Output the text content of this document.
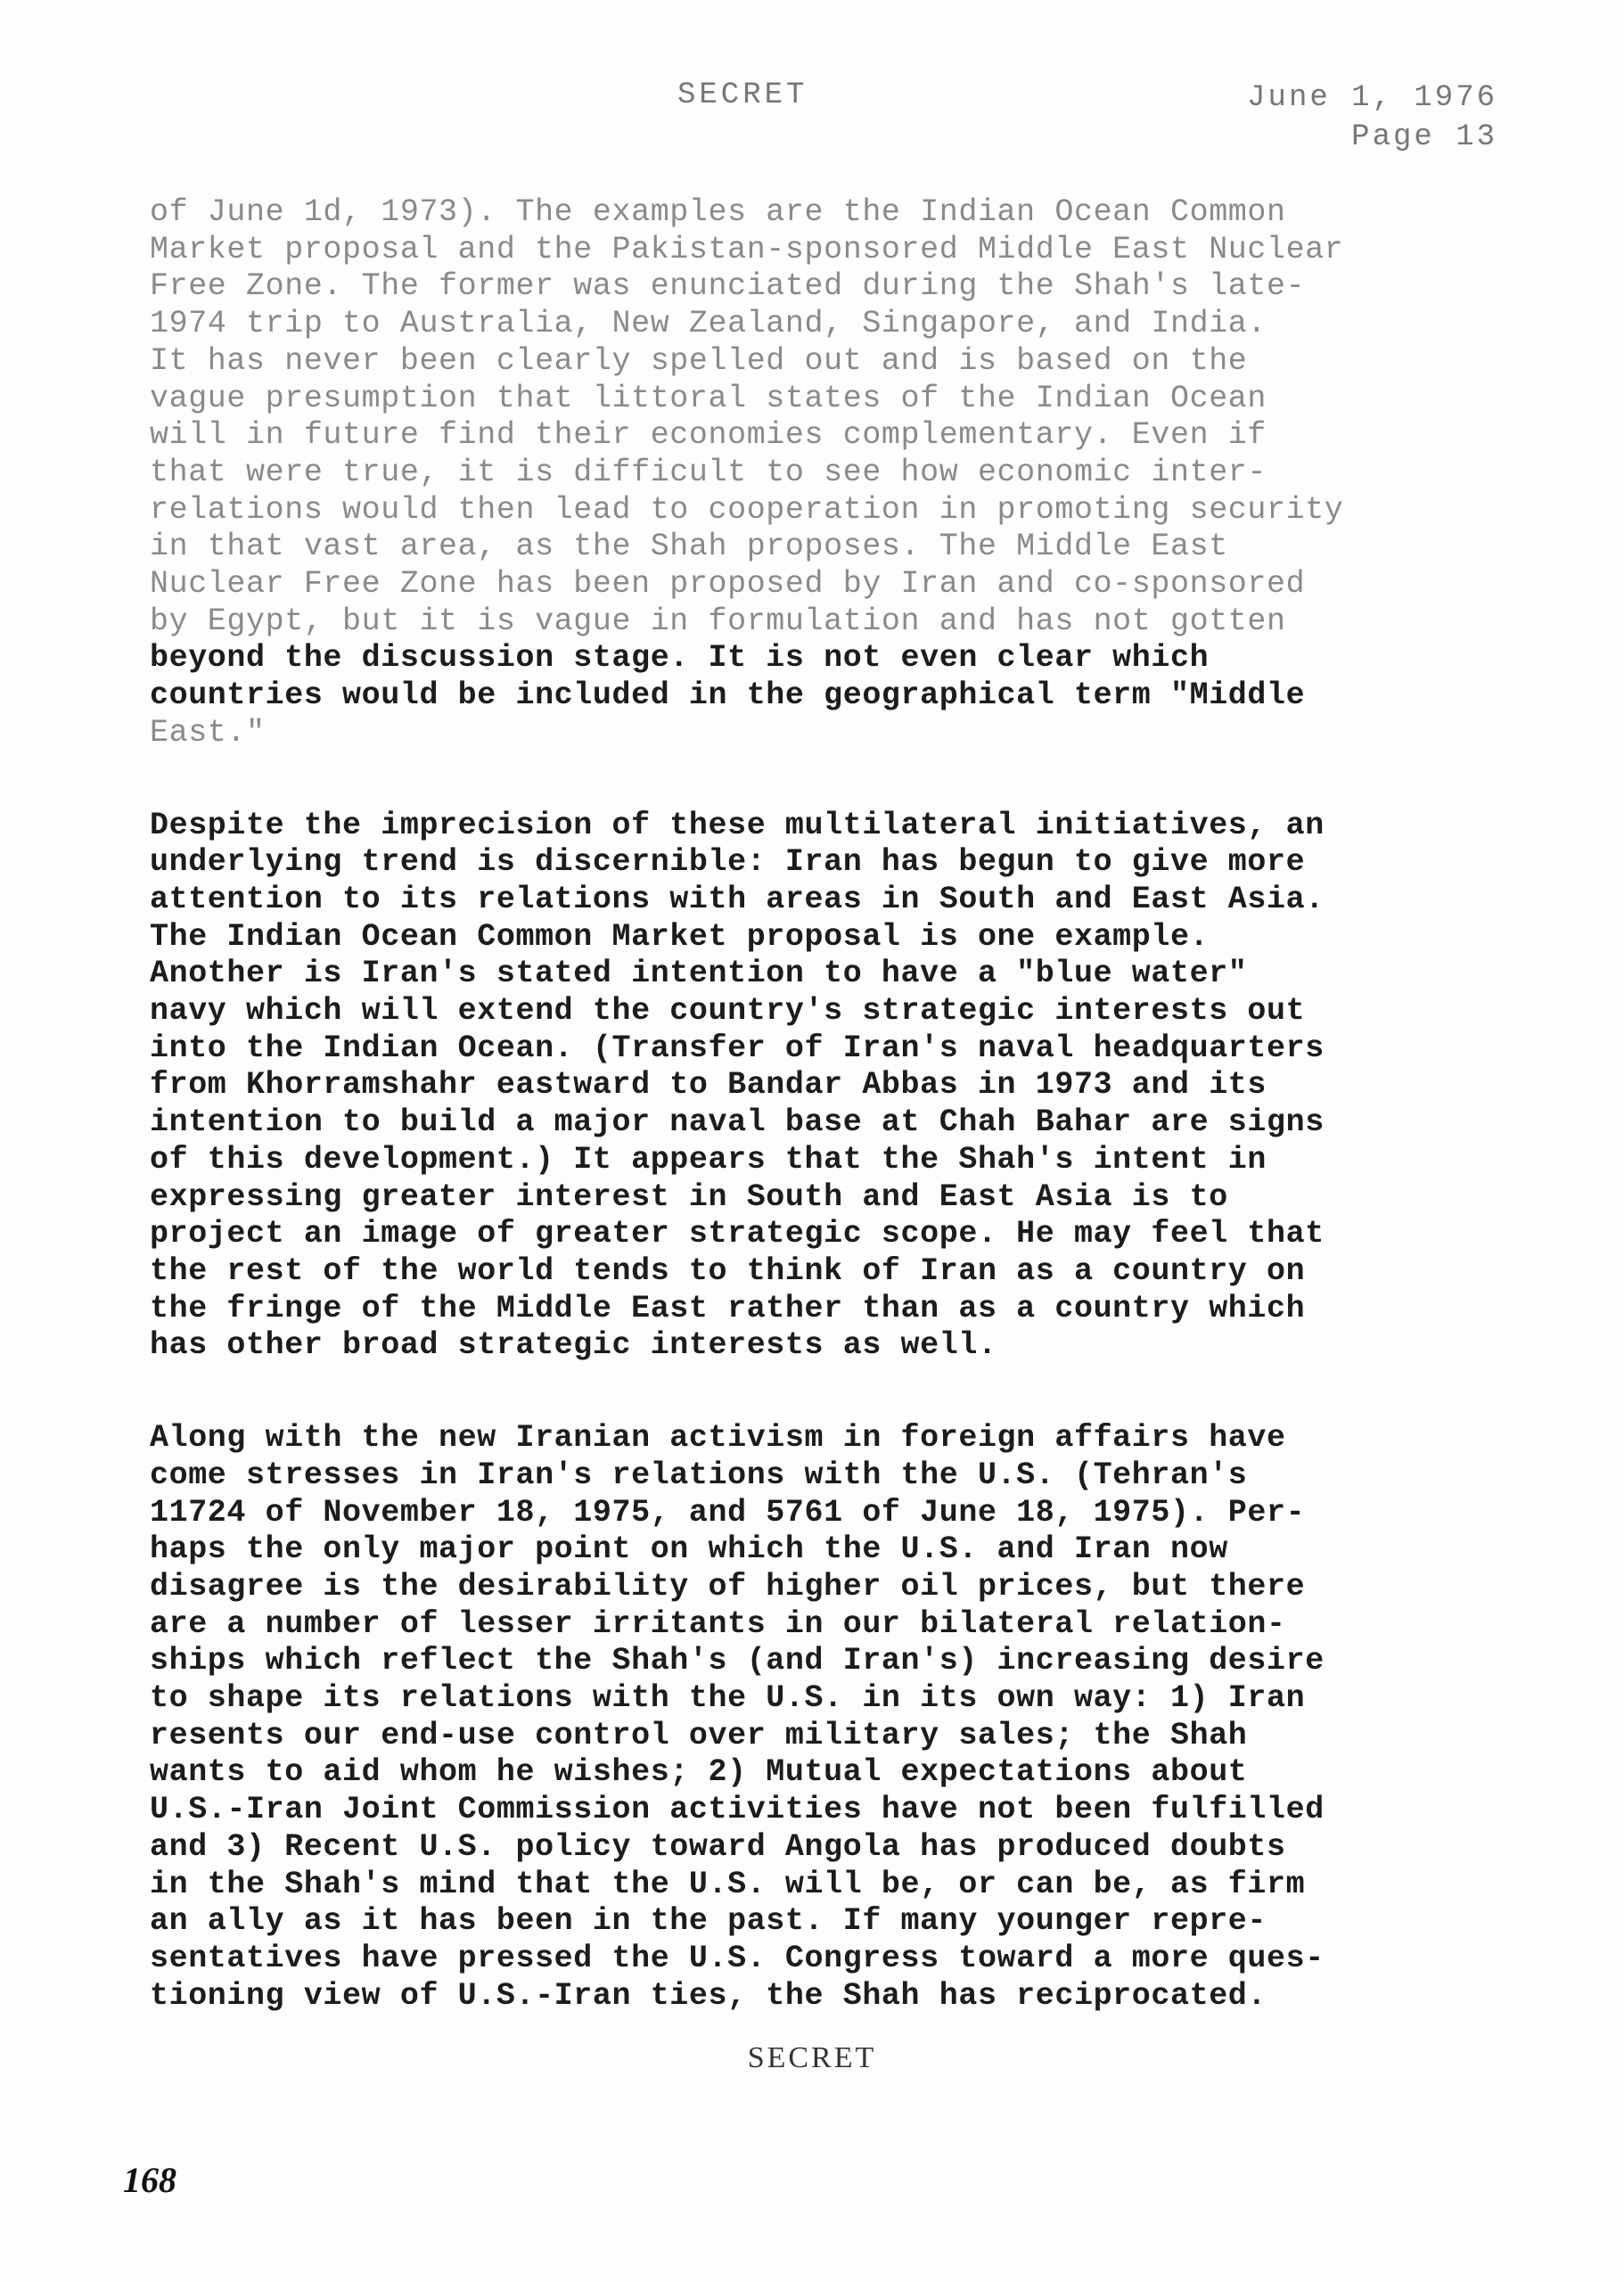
SECRET	June 1, 1976
Page 13
of June 1d, 1973). The examples are the Indian Ocean Common
Market proposal and the Pakistan-sponsored Middle East Nuclear
Free Zone. The former was enunciated during the Shah's late-
1974 trip to Australia, New Zealand, Singapore, and India.
It has never been clearly spelled out and is based on the
vague presumption that littoral states of the Indian Ocean
will in future find their economies complementary. Even if
that were true, it is difficult to see how economic inter-
relations would then lead to cooperation in promoting security
in that vast area, as the Shah proposes. The Middle East
Nuclear Free Zone has been proposed by Iran and co-sponsored
by Egypt, but it is vague in formulation and has not gotten
beyond the discussion stage. It is not even clear which
countries would be included in the geographical term "Middle
East."
Despite the imprecision of these multilateral initiatives, an
underlying trend is discernible: Iran has begun to give more
attention to its relations with areas in South and East Asia.
The Indian Ocean Common Market proposal is one example.
Another is Iran's stated intention to have a "blue water"
navy which will extend the country's strategic interests out
into the Indian Ocean. (Transfer of Iran's naval headquarters
from Khorramshahr eastward to Bandar Abbas in 1973 and its
intention to build a major naval base at Chah Bahar are signs
of this development.) It appears that the Shah's intent in
expressing greater interest in South and East Asia is to
project an image of greater strategic scope. He may feel that
the rest of the world tends to think of Iran as a country on
the fringe of the Middle East rather than as a country which
has other broad strategic interests as well.
Along with the new Iranian activism in foreign affairs have
come stresses in Iran's relations with the U.S. (Tehran's
11724 of November 18, 1975, and 5761 of June 18, 1975). Per-
haps the only major point on which the U.S. and Iran now
disagree is the desirability of higher oil prices, but there
are a number of lesser irritants in our bilateral relation-
ships which reflect the Shah's (and Iran's) increasing desire
to shape its relations with the U.S. in its own way: 1) Iran
resents our end-use control over military sales; the Shah
wants to aid whom he wishes; 2) Mutual expectations about
U.S.-Iran Joint Commission activities have not been fulfilled
and 3) Recent U.S. policy toward Angola has produced doubts
in the Shah's mind that the U.S. will be, or can be, as firm
an ally as it has been in the past. If many younger repre-
sentatives have pressed the U.S. Congress toward a more ques-
tioning view of U.S.-Iran ties, the Shah has reciprocated.
SECRET
168
